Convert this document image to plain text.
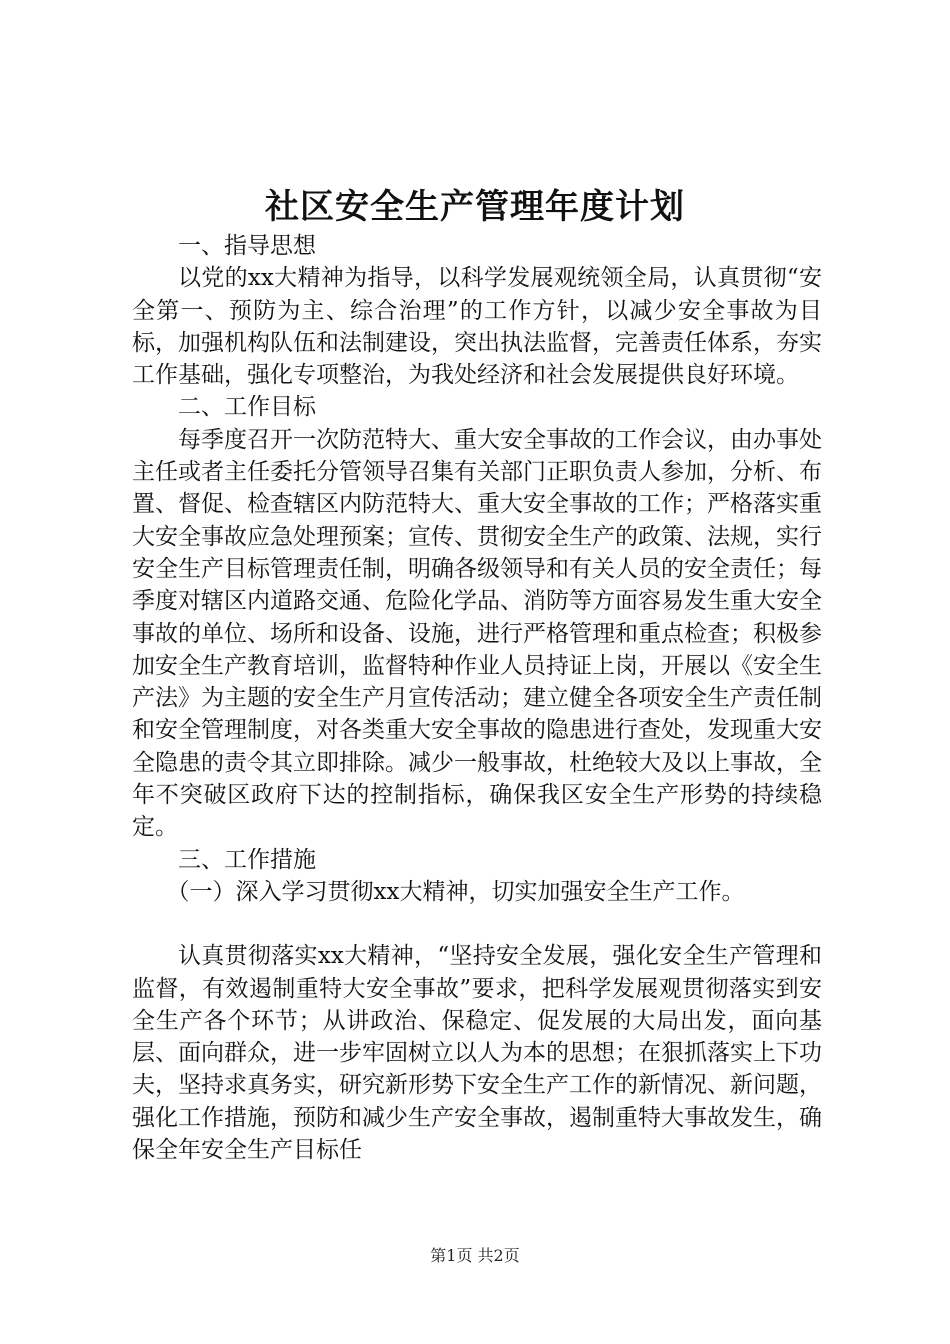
社区安全生产管理年度计划

一、指导思想

以党的xx大精神为指导，以科学发展观统领全局，认真贯彻“安全第一、预防为主、综合治理”的工作方针，以减少安全事故为目标，加强机构队伍和法制建设，突出执法监督，完善责任体系，夯实工作基础，强化专项整治，为我处经济和社会发展提供良好环境。

二、工作目标

每季度召开一次防范特大、重大安全事故的工作会议，由办事处主任或者主任委托分管领导召集有关部门正职负责人参加，分析、布置、督促、检查辖区内防范特大、重大安全事故的工作；严格落实重大安全事故应急处理预案；宣传、贯彻安全生产的政策、法规，实行安全生产目标管理责任制，明确各级领导和有关人员的安全责任；每季度对辖区内道路交通、危险化学品、消防等方面容易发生重大安全事故的单位、场所和设备、设施，进行严格管理和重点检查；积极参加安全生产教育培训，监督特种作业人员持证上岗，开展以《安全生产法》为主题的安全生产月宣传活动；建立健全各项安全生产责任制和安全管理制度，对各类重大安全事故的隐患进行查处，发现重大安全隐患的责令其立即排除。减少一般事故，杜绝较大及以上事故，全年不突破区政府下达的控制指标，确保我区安全生产形势的持续稳定。

三、工作措施

（一）深入学习贯彻xx大精神，切实加强安全生产工作。

认真贯彻落实xx大精神，“坚持安全发展，强化安全生产管理和监督，有效遏制重特大安全事故”要求，把科学发展观贯彻落实到安全生产各个环节；从讲政治、保稳定、促发展的大局出发，面向基层、面向群众，进一步牢固树立以人为本的思想；在狠抓落实上下功夫，坚持求真务实，研究新形势下安全生产工作的新情况、新问题，强化工作措施，预防和减少生产安全事故，遏制重特大事故发生，确保全年安全生产目标任

第1页 共2页
